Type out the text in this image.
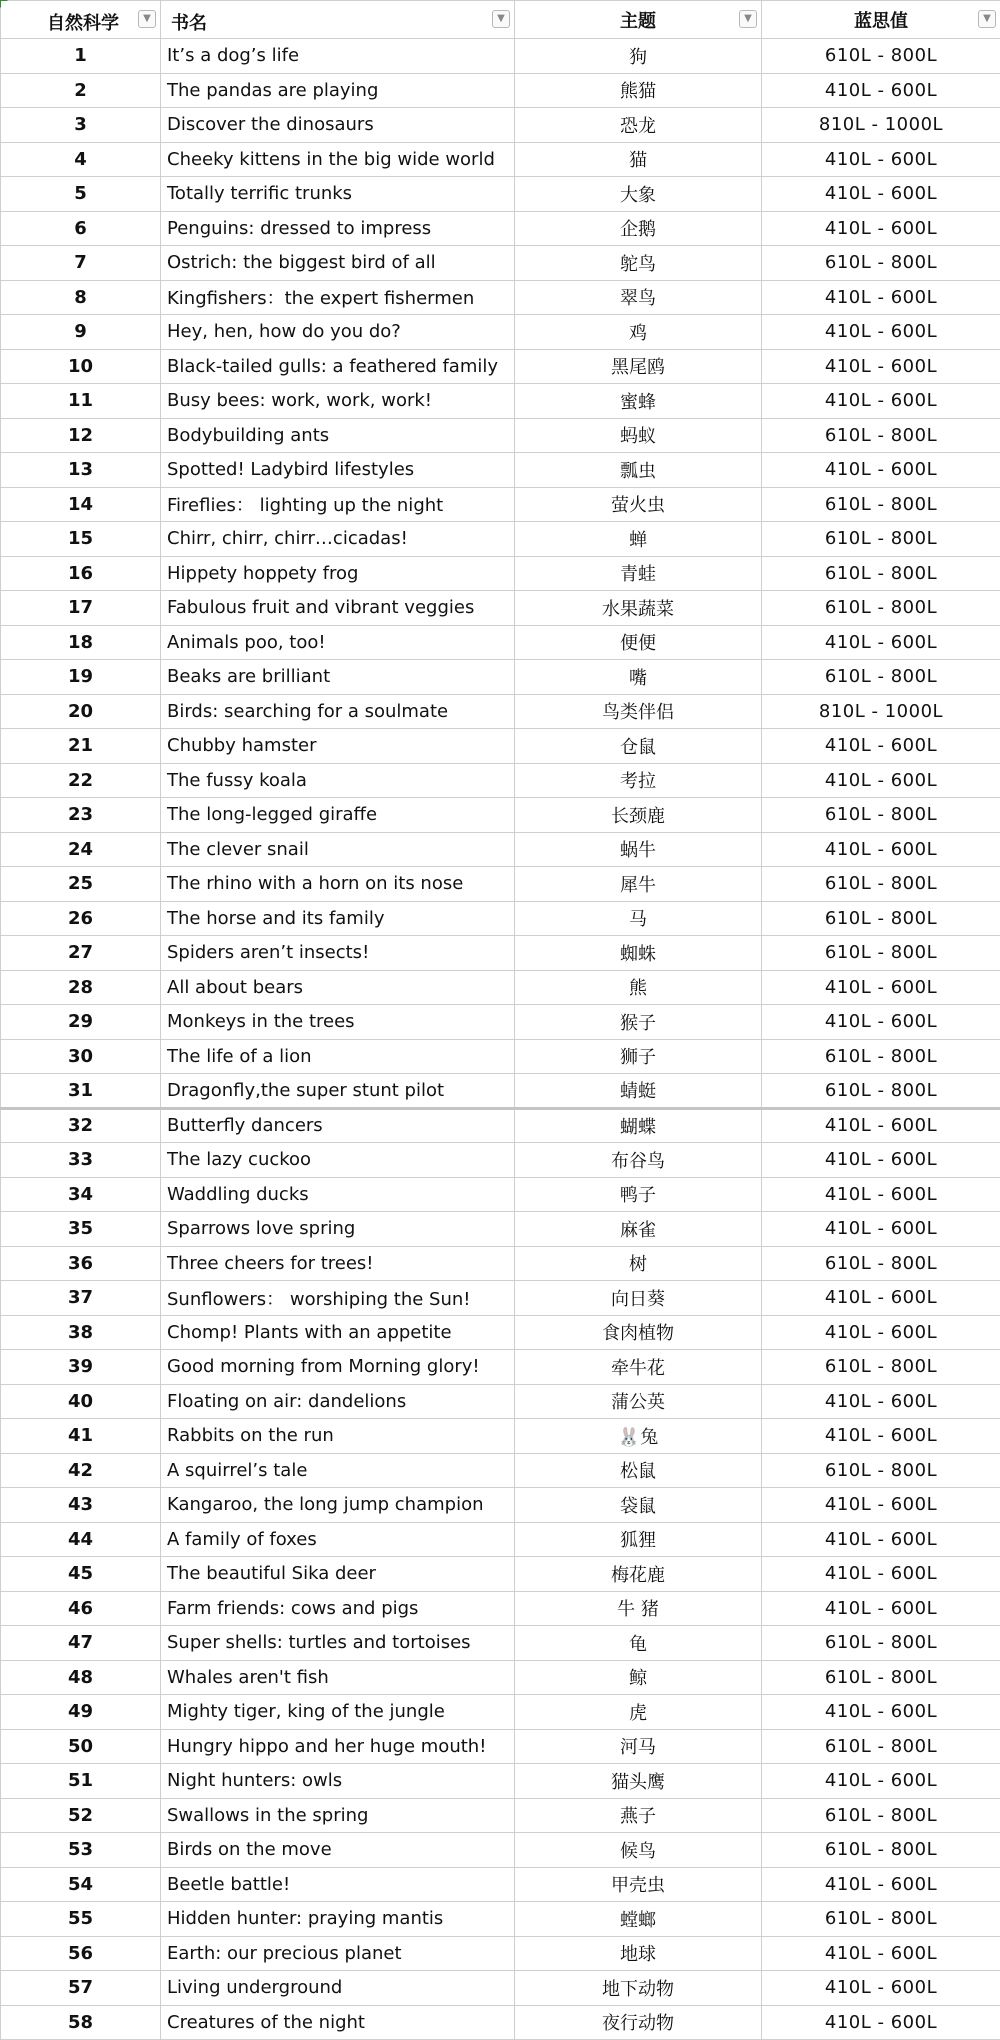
自然科学 ▼	书名 ▼	主题 ▼	蓝思值 ▼

1	It’s a dog’s life	狗	610L - 800L
2	The pandas are playing	熊猫	410L - 600L
3	Discover the dinosaurs	恐龙	810L - 1000L
4	Cheeky kittens in the big wide world	猫	410L - 600L
5	Totally terrific trunks	大象	410L - 600L
6	Penguins: dressed to impress	企鹅	410L - 600L
7	Ostrich: the biggest bird of all	鸵鸟	610L - 800L
8	Kingfishers：the expert fishermen	翠鸟	410L - 600L
9	Hey, hen, how do you do?	鸡	410L - 600L
10	Black-tailed gulls: a feathered family	黑尾鸥	410L - 600L
11	Busy bees: work, work, work!	蜜蜂	410L - 600L
12	Bodybuilding ants	蚂蚁	610L - 800L
13	Spotted! Ladybird lifestyles	瓢虫	410L - 600L
14	Fireflies： lighting up the night	萤火虫	610L - 800L
15	Chirr, chirr, chirr…cicadas!	蝉	610L - 800L
16	Hippety hoppety frog	青蛙	610L - 800L
17	Fabulous fruit and vibrant veggies	水果蔬菜	610L - 800L
18	Animals poo, too!	便便	410L - 600L
19	Beaks are brilliant	嘴	610L - 800L
20	Birds: searching for a soulmate	鸟类伴侣	810L - 1000L
21	Chubby hamster	仓鼠	410L - 600L
22	The fussy koala	考拉	410L - 600L
23	The long-legged giraffe	长颈鹿	610L - 800L
24	The clever snail	蜗牛	410L - 600L
25	The rhino with a horn on its nose	犀牛	610L - 800L
26	The horse and its family	马	610L - 800L
27	Spiders aren’t insects!	蜘蛛	610L - 800L
28	All about bears	熊	410L - 600L
29	Monkeys in the trees	猴子	410L - 600L
30	The life of a lion	狮子	610L - 800L
31	Dragonfly,the super stunt pilot	蜻蜓	610L - 800L
32	Butterfly dancers	蝴蝶	410L - 600L
33	The lazy cuckoo	布谷鸟	410L - 600L
34	Waddling ducks	鸭子	410L - 600L
35	Sparrows love spring	麻雀	410L - 600L
36	Three cheers for trees!	树	610L - 800L
37	Sunflowers： worshiping the Sun!	向日葵	410L - 600L
38	Chomp! Plants with an appetite	食肉植物	410L - 600L
39	Good morning from Morning glory!	牵牛花	610L - 800L
40	Floating on air: dandelions	蒲公英	410L - 600L
41	Rabbits on the run	🐰兔	410L - 600L
42	A squirrel’s tale	松鼠	610L - 800L
43	Kangaroo, the long jump champion	袋鼠	410L - 600L
44	A family of foxes	狐狸	410L - 600L
45	The beautiful Sika deer	梅花鹿	410L - 600L
46	Farm friends: cows and pigs	牛 猪	410L - 600L
47	Super shells: turtles and tortoises	龟	610L - 800L
48	Whales aren't fish	鲸	610L - 800L
49	Mighty tiger, king of the jungle	虎	410L - 600L
50	Hungry hippo and her huge mouth!	河马	610L - 800L
51	Night hunters: owls	猫头鹰	410L - 600L
52	Swallows in the spring	燕子	610L - 800L
53	Birds on the move	候鸟	610L - 800L
54	Beetle battle!	甲壳虫	410L - 600L
55	Hidden hunter: praying mantis	螳螂	610L - 800L
56	Earth: our precious planet	地球	410L - 600L
57	Living underground	地下动物	410L - 600L
58	Creatures of the night	夜行动物	410L - 600L
